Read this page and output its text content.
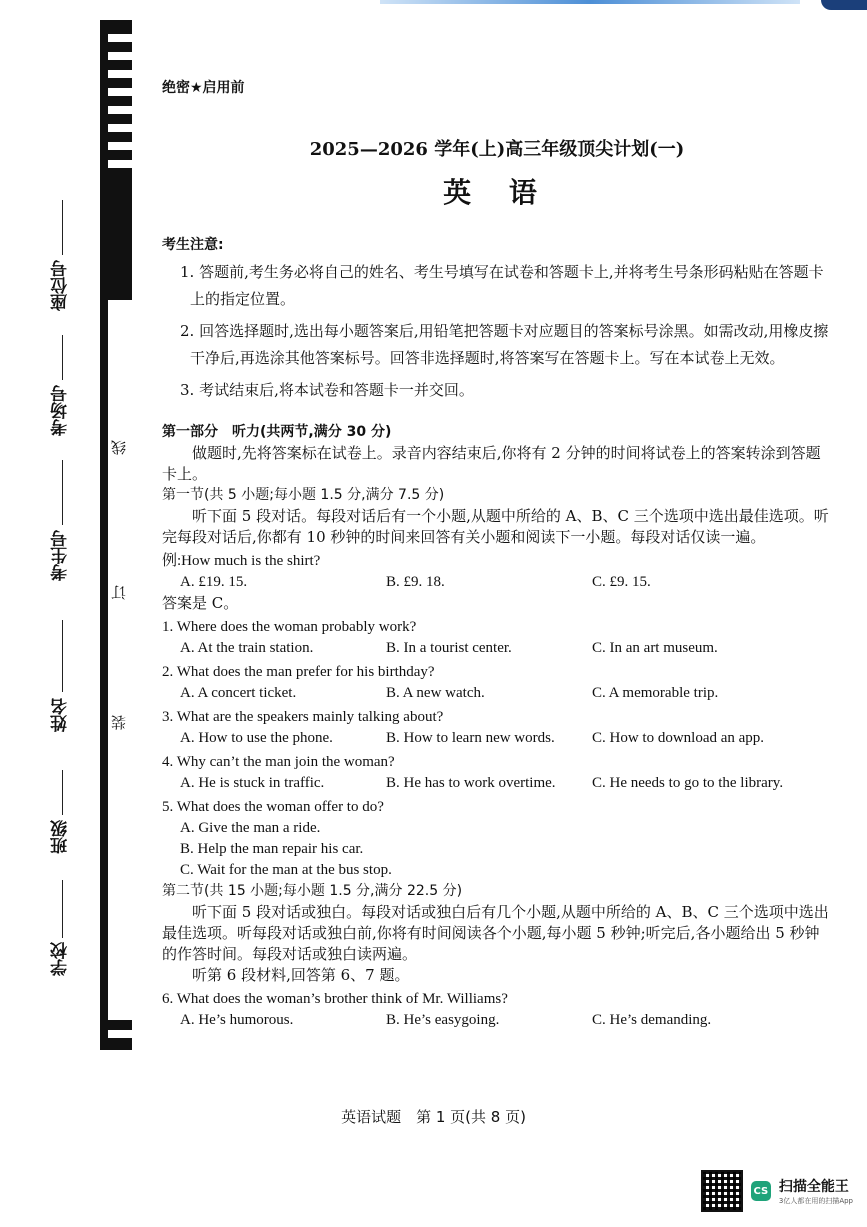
线
订
装
座位号
考场号
考生号
姓名
班级
学校
绝密★启用前
2025—2026 学年(上)高三年级顶尖计划(一)
英 语
考生注意:

1. 答题前,考生务必将自己的姓名、考生号填写在试卷和答题卡上,并将考生号条形码粘贴在答题卡上的指定位置。

2. 回答选择题时,选出每小题答案后,用铅笔把答题卡对应题目的答案标号涂黑。如需改动,用橡皮擦干净后,再选涂其他答案标号。回答非选择题时,将答案写在答题卡上。写在本试卷上无效。

3. 考试结束后,将本试卷和答题卡一并交回。

第一部分　听力(共两节,满分 30 分)
做题时,先将答案标在试卷上。录音内容结束后,你将有 2 分钟的时间将试卷上的答案转涂到答题卡上。
第一节(共 5 小题;每小题 1.5 分,满分 7.5 分)
听下面 5 段对话。每段对话后有一个小题,从题中所给的 A、B、C 三个选项中选出最佳选项。听完每段对话后,你都有 10 秒钟的时间来回答有关小题和阅读下一小题。每段对话仅读一遍。
例:How much is the shirt?
A. £19. 15.	B. £9. 18.	C. £9. 15.
答案是 C。
1. Where does the woman probably work?
A. At the train station.	B. In a tourist center.	C. In an art museum.
2. What does the man prefer for his birthday?
A. A concert ticket.	B. A new watch.	C. A memorable trip.
3. What are the speakers mainly talking about?
A. How to use the phone.	B. How to learn new words.	C. How to download an app.
4. Why can’t the man join the woman?
A. He is stuck in traffic.	B. He has to work overtime.	C. He needs to go to the library.
5. What does the woman offer to do?
A. Give the man a ride.
B. Help the man repair his car.
C. Wait for the man at the bus stop.
第二节(共 15 小题;每小题 1.5 分,满分 22.5 分)
听下面 5 段对话或独白。每段对话或独白后有几个小题,从题中所给的 A、B、C 三个选项中选出最佳选项。听每段对话或独白前,你将有时间阅读各个小题,每小题 5 秒钟;听完后,各小题给出 5 秒钟的作答时间。每段对话或独白读两遍。
听第 6 段材料,回答第 6、7 题。
6. What does the woman’s brother think of Mr. Williams?
A. He’s humorous.	B. He’s easygoing.	C. He’s demanding.
英语试题　第 1 页(共 8 页)
CS 扫描全能王
3亿人都在用的扫描App
